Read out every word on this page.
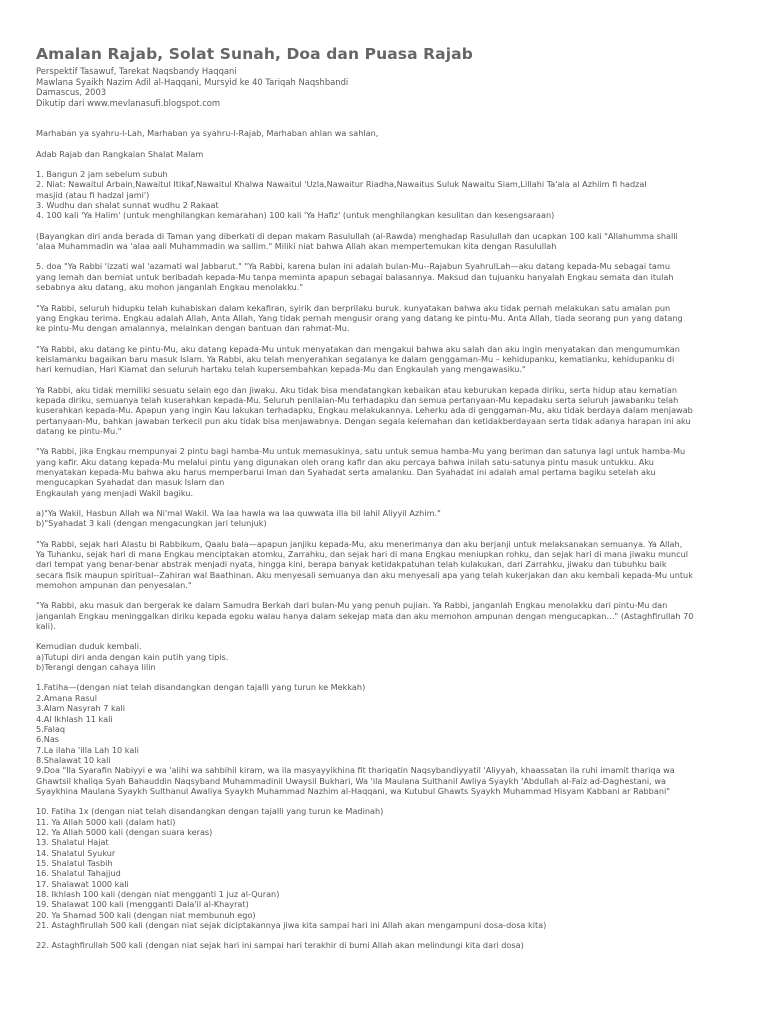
Amalan Rajab, Solat Sunah, Doa dan Puasa Rajab
Perspektif Tasawuf, Tarekat Naqsbandy Haqqani
Mawlana Syaikh Nazim Adil al-Haqqani, Mursyid ke 40 Tariqah Naqshbandi
Damascus, 2003
Dikutip dari www.mevlanasufi.blogspot.com

Marhaban ya syahru-l-Lah, Marhaban ya syahru-l-Rajab, Marhaban ahlan wa sahlan,

Adab Rajab dan Rangkaian Shalat Malam

1. Bangun 2 jam sebelum subuh
2. Niat: Nawaitul Arbain,Nawaitul Itikaf,Nawaitul Khalwa Nawaitul 'Uzla,Nawaitur Riadha,Nawaitus Suluk Nawaitu Siam,Lillahi Ta'ala al Azhiim fi hadzal
masjid (atau fi hadzal jami')
3. Wudhu dan shalat sunnat wudhu 2 Rakaat
4. 100 kali 'Ya Halim' (untuk menghilangkan kemarahan) 100 kali 'Ya Hafiz' (untuk menghilangkan kesulitan dan kesengsaraan)

(Bayangkan diri anda berada di Taman yang diberkati di depan makam Rasulullah (al-Rawda) menghadap Rasulullah dan ucapkan 100 kali "Allahumma shalli
'alaa Muhammadin wa 'alaa aali Muhammadin wa sallim." Miliki niat bahwa Allah akan mempertemukan kita dengan Rasulullah

5. doa "Ya Rabbi 'izzati wal 'azamati wal Jabbarut." "Ya Rabbi, karena bulan ini adalah bulan-Mu--Rajabun SyahrulLah—aku datang kepada-Mu sebagai tamu
yang lemah dan berniat untuk beribadah kepada-Mu tanpa meminta apapun sebagai balasannya. Maksud dan tujuanku hanyalah Engkau semata dan itulah
sebabnya aku datang, aku mohon janganlah Engkau menolakku."

"Ya Rabbi, seluruh hidupku telah kuhabiskan dalam kekafiran, syirik dan berprilaku buruk. kunyatakan bahwa aku tidak pernah melakukan satu amalan pun
yang Engkau terima. Engkau adalah Allah, Anta Allah, Yang tidak pernah mengusir orang yang datang ke pintu-Mu. Anta Allah, tiada seorang pun yang datang
ke pintu-Mu dengan amalannya, melainkan dengan bantuan dan rahmat-Mu.

"Ya Rabbi, aku datang ke pintu-Mu, aku datang kepada-Mu untuk menyatakan dan mengakui bahwa aku salah dan aku ingin menyatakan dan mengumumkan
keislamanku bagaikan baru masuk Islam. Ya Rabbi, aku telah menyerahkan segalanya ke dalam genggaman-Mu – kehidupanku, kematianku, kehidupanku di
hari kemudian, Hari Kiamat dan seluruh hartaku telah kupersembahkan kepada-Mu dan Engkaulah yang mengawasiku."

Ya Rabbi, aku tidak memiliki sesuatu selain ego dan jiwaku. Aku tidak bisa mendatangkan kebaikan atau keburukan kepada diriku, serta hidup atau kematian
kepada diriku, semuanya telah kuserahkan kepada-Mu. Seluruh penilaian-Mu terhadapku dan semua pertanyaan-Mu kepadaku serta seluruh jawabanku telah
kuserahkan kepada-Mu. Apapun yang ingin Kau lakukan terhadapku, Engkau melakukannya. Leherku ada di genggaman-Mu, aku tidak berdaya dalam menjawab
pertanyaan-Mu, bahkan jawaban terkecil pun aku tidak bisa menjawabnya. Dengan segala kelemahan dan ketidakberdayaan serta tidak adanya harapan ini aku
datang ke pintu-Mu."

"Ya Rabbi, jika Engkau mempunyai 2 pintu bagi hamba-Mu untuk memasukinya, satu untuk semua hamba-Mu yang beriman dan satunya lagi untuk hamba-Mu
yang kafir. Aku datang kepada-Mu melalui pintu yang digunakan oleh orang kafir dan aku percaya bahwa inilah satu-satunya pintu masuk untukku. Aku
menyatakan kepada-Mu bahwa aku harus memperbarui Iman dan Syahadat serta amalanku. Dan Syahadat ini adalah amal pertama bagiku setelah aku
mengucapkan Syahadat dan masuk Islam dan
Engkaulah yang menjadi Wakil bagiku.

a)"Ya Wakil, Hasbun Allah wa Ni'mal Wakil. Wa laa hawla wa laa quwwata illa bil lahil Aliyyil Azhim."
b)"Syahadat 3 kali (dengan mengacungkan jari telunjuk)

"Ya Rabbi, sejak hari Alastu bi Rabbikum, Qaalu bala—apapun janjiku kepada-Mu, aku menerimanya dan aku berjanji untuk melaksanakan semuanya. Ya Allah,
Ya Tuhanku, sejak hari di mana Engkau menciptakan atomku, Zarrahku, dan sejak hari di mana Engkau meniupkan rohku, dan sejak hari di mana jiwaku muncul
dari tempat yang benar-benar abstrak menjadi nyata, hingga kini, berapa banyak ketidakpatuhan telah kulakukan, dari Zarrahku, jiwaku dan tubuhku baik
secara fisik maupun spiritual--Zahiran wal Baathinan. Aku menyesali semuanya dan aku menyesali apa yang telah kukerjakan dan aku kembali kepada-Mu untuk
memohon ampunan dan penyesalan."

"Ya Rabbi, aku masuk dan bergerak ke dalam Samudra Berkah dari bulan-Mu yang penuh pujian. Ya Rabbi, janganlah Engkau menolakku dari pintu-Mu dan
janganlah Engkau meninggalkan diriku kepada egoku walau hanya dalam sekejap mata dan aku memohon ampunan dengan mengucapkan…" (Astaghfirullah 70
kali).

Kemudian duduk kembali.
a)Tutupi diri anda dengan kain putih yang tipis.
b)Terangi dengan cahaya lilin

1.Fatiha—(dengan niat telah disandangkan dengan tajalli yang turun ke Mekkah)
2.Amana Rasul
3.Alam Nasyrah 7 kali
4.Al Ikhlash 11 kali
5.Falaq
6.Nas
7.La ilaha 'illa Lah 10 kali
8.Shalawat 10 kali
9.Doa "Ila Syarafin Nabiyyi e wa 'alihi wa sahbihil kiram, wa ila masyayyikhina fit thariqatin Naqsybandiyyatil 'Aliyyah, khaassatan ila ruhi imamit thariqa wa
Ghawtsil khaliqa Syah Bahauddin Naqsyband Muhammadinil Uwaysil Bukhari, Wa 'ila Maulana Sulthanil Awliya Syaykh 'Abdullah al-Faiz ad-Daghestani, wa
Syaykhina Maulana Syaykh Sulthanul Awaliya Syaykh Muhammad Nazhim al-Haqqani, wa Kutubul Ghawts Syaykh Muhammad Hisyam Kabbani ar Rabbani"

10. Fatiha 1x (dengan niat telah disandangkan dengan tajalli yang turun ke Madinah)
11. Ya Allah 5000 kali (dalam hati)
12. Ya Allah 5000 kali (dengan suara keras)
13. Shalatul Hajat
14. Shalatul Syukur
15. Shalatul Tasbih
16. Shalatul Tahajjud
17. Shalawat 1000 kali
18. Ikhlash 100 kali (dengan niat mengganti 1 juz al-Quran)
19. Shalawat 100 kali (mengganti Dala'il al-Khayrat)
20. Ya Shamad 500 kali (dengan niat membunuh ego)
21. Astaghfirullah 500 kali (dengan niat sejak diciptakannya jiwa kita sampai hari ini Allah akan mengampuni dosa-dosa kita)

22. Astaghfirullah 500 kali (dengan niat sejak hari ini sampai hari terakhir di bumi Allah akan melindungi kita dari dosa)
